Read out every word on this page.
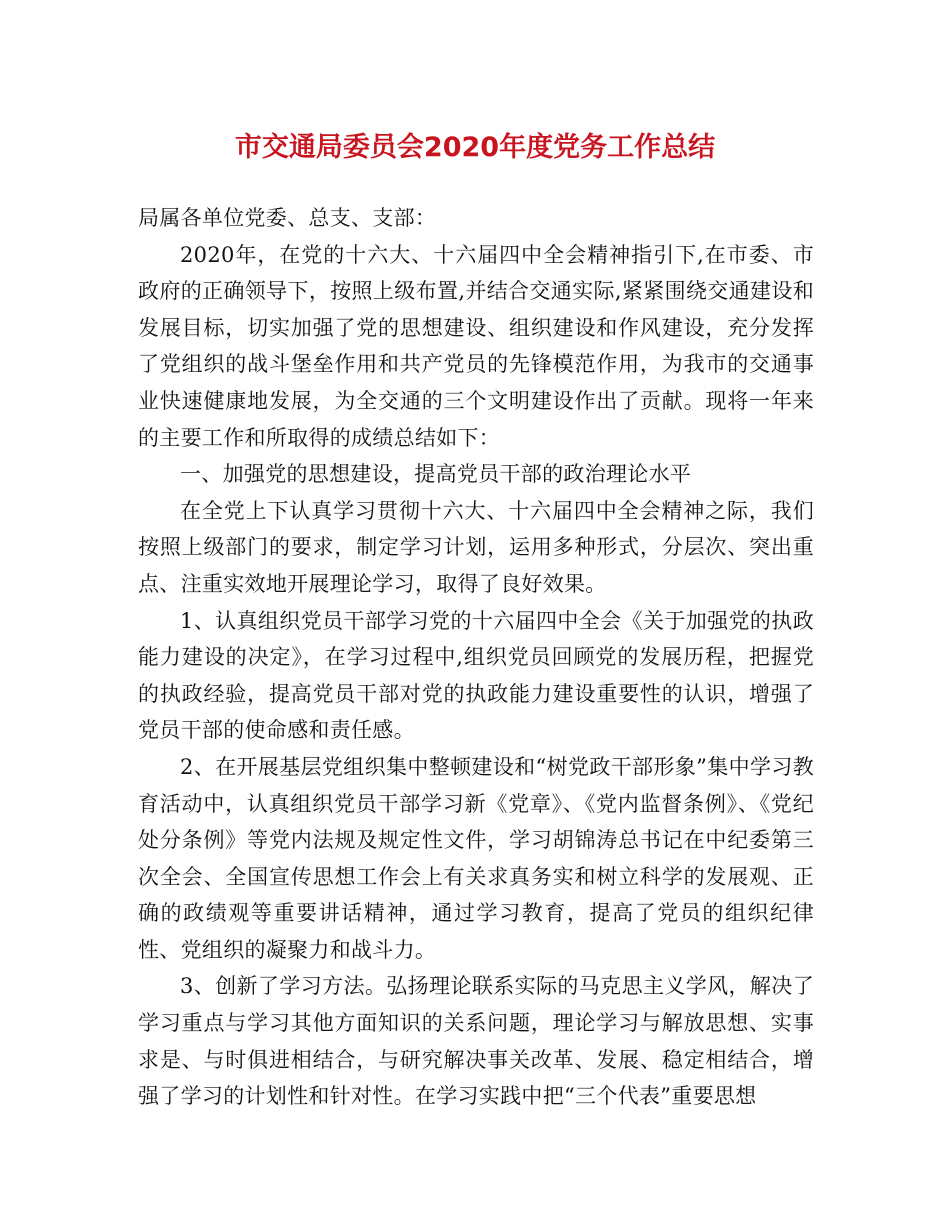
市交通局委员会2020年度党务工作总结

局属各单位党委、总支、支部：

2020年，在党的十六大、十六届四中全会精神指引下,在市委、市政府的正确领导下，按照上级布置,并结合交通实际,紧紧围绕交通建设和发展目标，切实加强了党的思想建设、组织建设和作风建设，充分发挥了党组织的战斗堡垒作用和共产党员的先锋模范作用，为我市的交通事业快速健康地发展，为全交通的三个文明建设作出了贡献。现将一年来的主要工作和所取得的成绩总结如下：

一、加强党的思想建设，提高党员干部的政治理论水平

在全党上下认真学习贯彻十六大、十六届四中全会精神之际，我们按照上级部门的要求，制定学习计划，运用多种形式，分层次、突出重点、注重实效地开展理论学习，取得了良好效果。

1、认真组织党员干部学习党的十六届四中全会《关于加强党的执政能力建设的决定》，在学习过程中,组织党员回顾党的发展历程，把握党的执政经验，提高党员干部对党的执政能力建设重要性的认识，增强了党员干部的使命感和责任感。

2、在开展基层党组织集中整顿建设和“树党政干部形象”集中学习教育活动中，认真组织党员干部学习新《党章》、《党内监督条例》、《党纪处分条例》等党内法规及规定性文件，学习胡锦涛总书记在中纪委第三次全会、全国宣传思想工作会上有关求真务实和树立科学的发展观、正确的政绩观等重要讲话精神，通过学习教育，提高了党员的组织纪律性、党组织的凝聚力和战斗力。

3、创新了学习方法。弘扬理论联系实际的马克思主义学风，解决了学习重点与学习其他方面知识的关系问题，理论学习与解放思想、实事求是、与时俱进相结合，与研究解决事关改革、发展、稳定相结合，增强了学习的计划性和针对性。在学习实践中把“三个代表”重要思想
